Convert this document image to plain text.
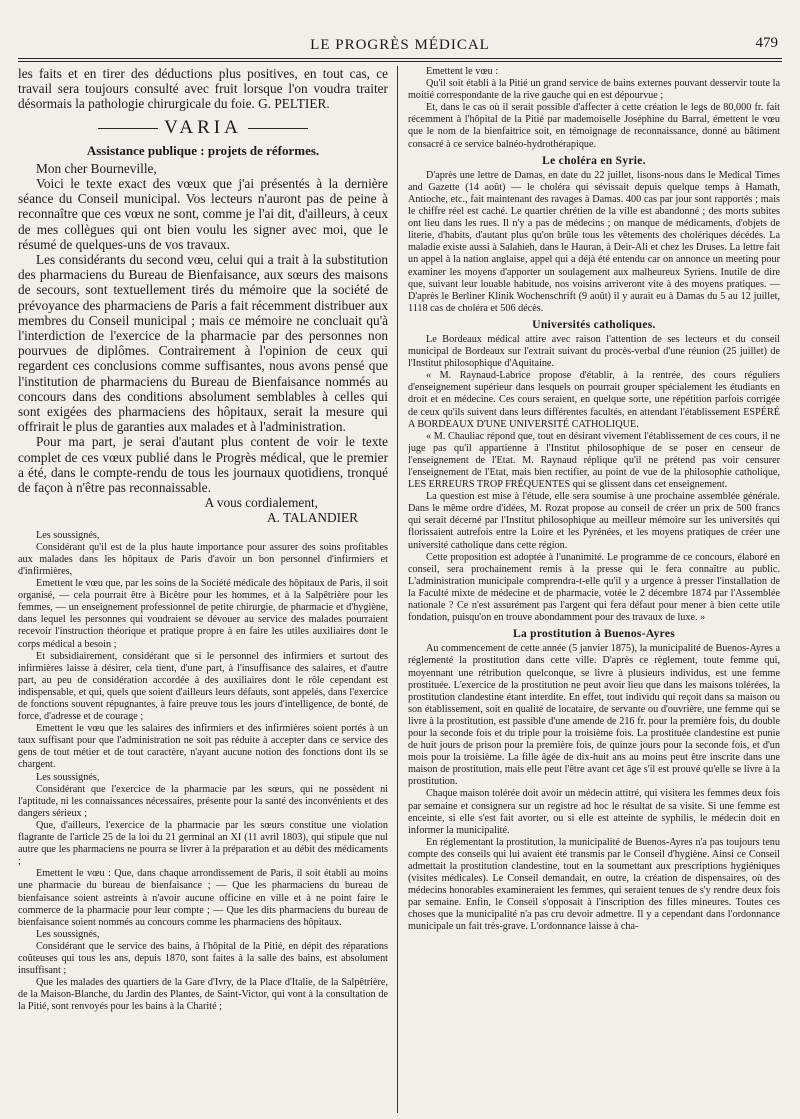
LE PROGRÈS MÉDICAL	479

les faits et en tirer des déductions plus positives, en tout cas, ce travail sera toujours consulté avec fruit lorsque l'on voudra traiter désormais la pathologie chirurgicale du foie. G. PELTIER.

VARIA
Assistance publique : projets de réformes.

Mon cher Bourneville,

Voici le texte exact des vœux que j'ai présentés à la dernière séance du Conseil municipal. Vos lecteurs n'auront pas de peine à reconnaître que ces vœux ne sont, comme je l'ai dit, d'ailleurs, à ceux de mes collègues qui ont bien voulu les signer avec moi, que le résumé de quelques-uns de vos travaux.

Les considérants du second vœu, celui qui a trait à la substitution des pharmaciens du Bureau de Bienfaisance, aux sœurs des maisons de secours, sont textuellement tirés du mémoire que la société de prévoyance des pharmaciens de Paris a fait récemment distribuer aux membres du Conseil municipal ; mais ce mémoire ne concluait qu'à l'interdiction de l'exercice de la pharmacie par des personnes non pourvues de diplômes. Contrairement à l'opinion de ceux qui regardent ces conclusions comme suffisantes, nous avons pensé que l'institution de pharmaciens du Bureau de Bienfaisance nommés au concours dans des conditions absolument semblables à celles qui sont exigées des pharmaciens des hôpitaux, serait la mesure qui offrirait le plus de garanties aux malades et à l'administration.

Pour ma part, je serai d'autant plus content de voir le texte complet de ces vœux publié dans le Progrès médical, que le premier a été, dans le compte-rendu de tous les journaux quotidiens, tronqué de façon à n'être pas reconnaissable.

A vous cordialement,

A. TALANDIER

Les soussignés,

Considérant qu'il est de la plus haute importance pour assurer des soins profitables aux malades dans les hôpitaux de Paris d'avoir un bon personnel d'infirmiers et d'infirmières,

Emettent le vœu que, par les soins de la Société médicale des hôpitaux de Paris, il soit organisé, — cela pourrait être à Bicêtre pour les hommes, et à la Salpêtrière pour les femmes, — un enseignement professionnel de petite chirurgie, de pharmacie et d'hygiène, dans lequel les personnes qui voudraient se dévouer au service des malades pourraient recevoir l'instruction théorique et pratique propre à en faire les utiles auxiliaires dont le corps médical a besoin ;

Et subsidiairement, considérant que si le personnel des infirmiers et surtout des infirmières laisse à désirer, cela tient, d'une part, à l'insuffisance des salaires, et d'autre part, au peu de considération accordée à des auxiliaires dont le rôle cependant est indispensable, et qui, quels que soient d'ailleurs leurs défauts, sont appelés, dans l'exercice de fonctions souvent répugnantes, à faire preuve tous les jours d'intelligence, de bonté, de force, d'adresse et de courage ;

Emettent le vœu que les salaires des infirmiers et des infirmières soient portés à un taux suffisant pour que l'administration ne soit pas réduite à accepter dans ce service des gens de tout métier et de tout caractère, n'ayant aucune notion des fonctions dont ils se chargent.

Les soussignés,

Considérant que l'exercice de la pharmacie par les sœurs, qui ne possèdent ni l'aptitude, ni les connaissances nécessaires, présente pour la santé des inconvénients et des dangers sérieux ;

Que, d'ailleurs, l'exercice de la pharmacie par les sœurs constitue une violation flagrante de l'article 25 de la loi du 21 germinal an XI (11 avril 1803), qui stipule que nul autre que les pharmaciens ne pourra se livrer à la préparation et au débit des médicaments ;

Emettent le vœu : Que, dans chaque arrondissement de Paris, il soit établi au moins une pharmacie du bureau de bienfaisance ; — Que les pharmaciens du bureau de bienfaisance soient astreints à n'avoir aucune officine en ville et à ne point faire le commerce de la pharmacie pour leur compte ; — Que les dits pharmaciens du bureau de bienfaisance soient nommés au concours comme les pharmaciens des hôpitaux.

Les soussignés,

Considérant que le service des bains, à l'hôpital de la Pitié, en dépit des réparations coûteuses qui tous les ans, depuis 1870, sont faites à la salle des bains, est absolument insuffisant ;

Que les malades des quartiers de la Gare d'Ivry, de la Place d'Italie, de la Salpêtrière, de la Maison-Blanche, du Jardin des Plantes, de Saint-Victor, qui vont à la consultation de la Pitié, sont renvoyés pour les bains à la Charité ;

Emettent le vœu :

Qu'il soit établi à la Pitié un grand service de bains externes pouvant desservir toute la moitié correspondante de la rive gauche qui en est dépourvue ;

Et, dans le cas où il serait possible d'affecter à cette création le legs de 80,000 fr. fait récemment à l'hôpital de la Pitié par mademoiselle Joséphine du Barral, émettent le vœu que le nom de la bienfaitrice soit, en témoignage de reconnaissance, donné au bâtiment consacré à ce service balnéo-hydrothérapique.

Le choléra en Syrie.

D'après une lettre de Damas, en date du 22 juillet, lisons-nous dans le Medical Times and Gazette (14 août) — le choléra qui sévissait depuis quelque temps à Hamath, Antioche, etc., fait maintenant des ravages à Damas. 400 cas par jour sont rapportés ; mais le chiffre réel est caché. Le quartier chrétien de la ville est abandonné ; des morts subites ont lieu dans les rues. Il n'y a pas de médecins ; on manque de médicaments, d'objets de literie, d'habits, d'autant plus qu'on brûle tous les vêtements des cholériques décédés. La maladie existe aussi à Salahieh, dans le Hauran, à Deir-Ali et chez les Druses. La lettre fait un appel à la nation anglaise, appel qui a déjà été entendu car on annonce un meeting pour examiner les moyens d'apporter un soulagement aux malheureux Syriens. Inutile de dire que, suivant leur louable habitude, nos voisins arriveront vite à des moyens pratiques. — D'après le Berliner Klinik Wochenschrift (9 août) il y aurait eu à Damas du 5 au 12 juillet, 1118 cas de choléra et 506 décès.

Universités catholiques.

Le Bordeaux médical attire avec raison l'attention de ses lecteurs et du conseil municipal de Bordeaux sur l'extrait suivant du procès-verbal d'une réunion (25 juillet) de l'Institut philosophique d'Aquitaine.

« M. Raynaud-Labrice propose d'établir, à la rentrée, des cours réguliers d'enseignement supérieur dans lesquels on pourrait grouper spécialement les étudiants en droit et en médecine. Ces cours seraient, en quelque sorte, une répétition parfois corrigée de ceux qu'ils suivent dans leurs différentes facultés, en attendant l'établissement ESPÉRÉ A BORDEAUX D'UNE UNIVERSITÉ CATHOLIQUE.

« M. Chauliac répond que, tout en désirant vivement l'établissement de ces cours, il ne juge pas qu'il appartienne à l'Institut philosophique de se poser en censeur de l'enseignement de l'Etat. M. Raynaud réplique qu'il ne prétend pas voir censurer l'enseignement de l'Etat, mais bien rectifier, au point de vue de la philosophie catholique, LES ERREURS TROP FRÉQUENTES qui se glissent dans cet enseignement.

La question est mise à l'étude, elle sera soumise à une prochaine assemblée générale. Dans le même ordre d'idées, M. Rozat propose au conseil de créer un prix de 500 francs qui serait décerné par l'Institut philosophique au meilleur mémoire sur les universités qui florissaient autrefois entre la Loire et les Pyrénées, et les moyens pratiques de créer une université catholique dans cette région.

Cette proposition est adoptée à l'unanimité. Le programme de ce concours, élaboré en conseil, sera prochainement remis à la presse qui le fera connaître au public. L'administration municipale comprendra-t-elle qu'il y a urgence à presser l'installation de la Faculté mixte de médecine et de pharmacie, votée le 2 décembre 1874 par l'Assemblée nationale ? Ce n'est assurément pas l'argent qui fera défaut pour mener à bien cette utile fondation, puisqu'on en trouve abondamment pour des travaux de luxe. »

La prostitution à Buenos-Ayres

Au commencement de cette année (5 janvier 1875), la municipalité de Buenos-Ayres a réglementé la prostitution dans cette ville. D'après ce règlement, toute femme qui, moyennant une rétribution quelconque, se livre à plusieurs individus, est une femme prostituée. L'exercice de la prostitution ne peut avoir lieu que dans les maisons tolérées, la prostitution clandestine étant interdite. En effet, tout individu qui reçoit dans sa maison ou son établissement, soit en qualité de locataire, de servante ou d'ouvrière, une femme qui se livre à la prostitution, est passible d'une amende de 216 fr. pour la première fois, du double pour la seconde fois et du triple pour la troisième fois. La prostituée clandestine est punie de huit jours de prison pour la première fois, de quinze jours pour la seconde fois, et d'un mois pour la troisième. La fille âgée de dix-huit ans au moins peut être inscrite dans une maison de prostitution, mais elle peut l'être avant cet âge s'il est prouvé qu'elle se livre à la prostitution.

Chaque maison tolérée doit avoir un médecin attitré, qui visitera les femmes deux fois par semaine et consignera sur un registre ad hoc le résultat de sa visite. Si une femme est enceinte, si elle s'est fait avorter, ou si elle est atteinte de syphilis, le médecin doit en informer la municipalité.

En réglementant la prostitution, la municipalité de Buenos-Ayres n'a pas toujours tenu compte des conseils qui lui avaient été transmis par le Conseil d'hygiène. Ainsi ce Conseil admettait la prostitution clandestine, tout en la soumettant aux prescriptions hygiéniques (visites médicales). Le Conseil demandait, en outre, la création de dispensaires, où des médecins honorables examineraient les femmes, qui seraient tenues de s'y rendre deux fois par semaine. Enfin, le Conseil s'opposait à l'inscription des filles mineures. Toutes ces choses que la municipalité n'a pas cru devoir admettre. Il y a cependant dans l'ordonnance municipale un fait très-grave. L'ordonnance laisse à cha-
